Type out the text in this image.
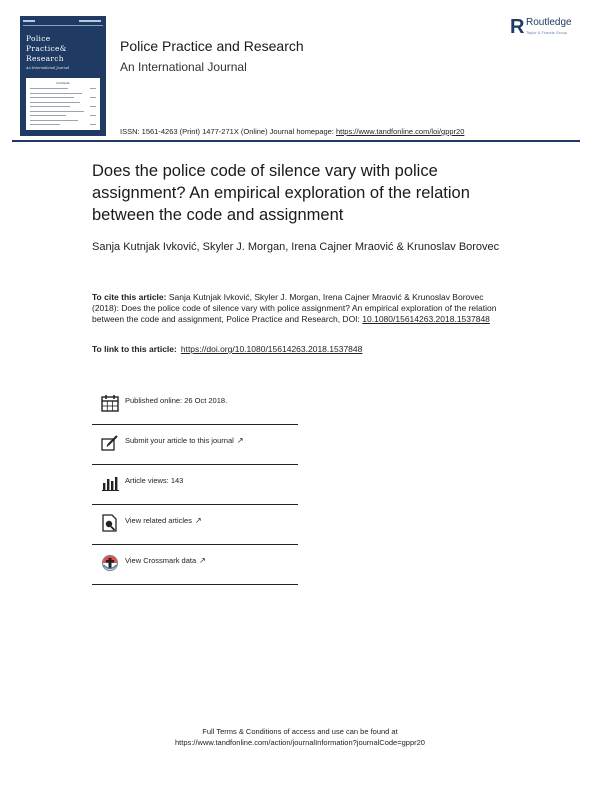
Police
Practice&
Research
An International Journal
Contents
Police Practice and Research
An International Journal
R Routledge
Taylor & Francis Group
ISSN: 1561-4263 (Print) 1477-271X (Online) Journal homepage: https://www.tandfonline.com/loi/gppr20
Does the police code of silence vary with police assignment? An empirical exploration of the relation between the code and assignment
Sanja Kutnjak Ivković, Skyler J. Morgan, Irena Cajner Mraović & Krunoslav Borovec
To cite this article: Sanja Kutnjak Ivković, Skyler J. Morgan, Irena Cajner Mraović & Krunoslav Borovec (2018): Does the police code of silence vary with police assignment? An empirical exploration of the relation between the code and assignment, Police Practice and Research, DOI: 10.1080/15614263.2018.1537848
To link to this article: https://doi.org/10.1080/15614263.2018.1537848
Published online: 26 Oct 2018.
Submit your article to this journal ↗
Article views: 143
View related articles ↗
View Crossmark data ↗
Full Terms & Conditions of access and use can be found at
https://www.tandfonline.com/action/journalInformation?journalCode=gppr20
